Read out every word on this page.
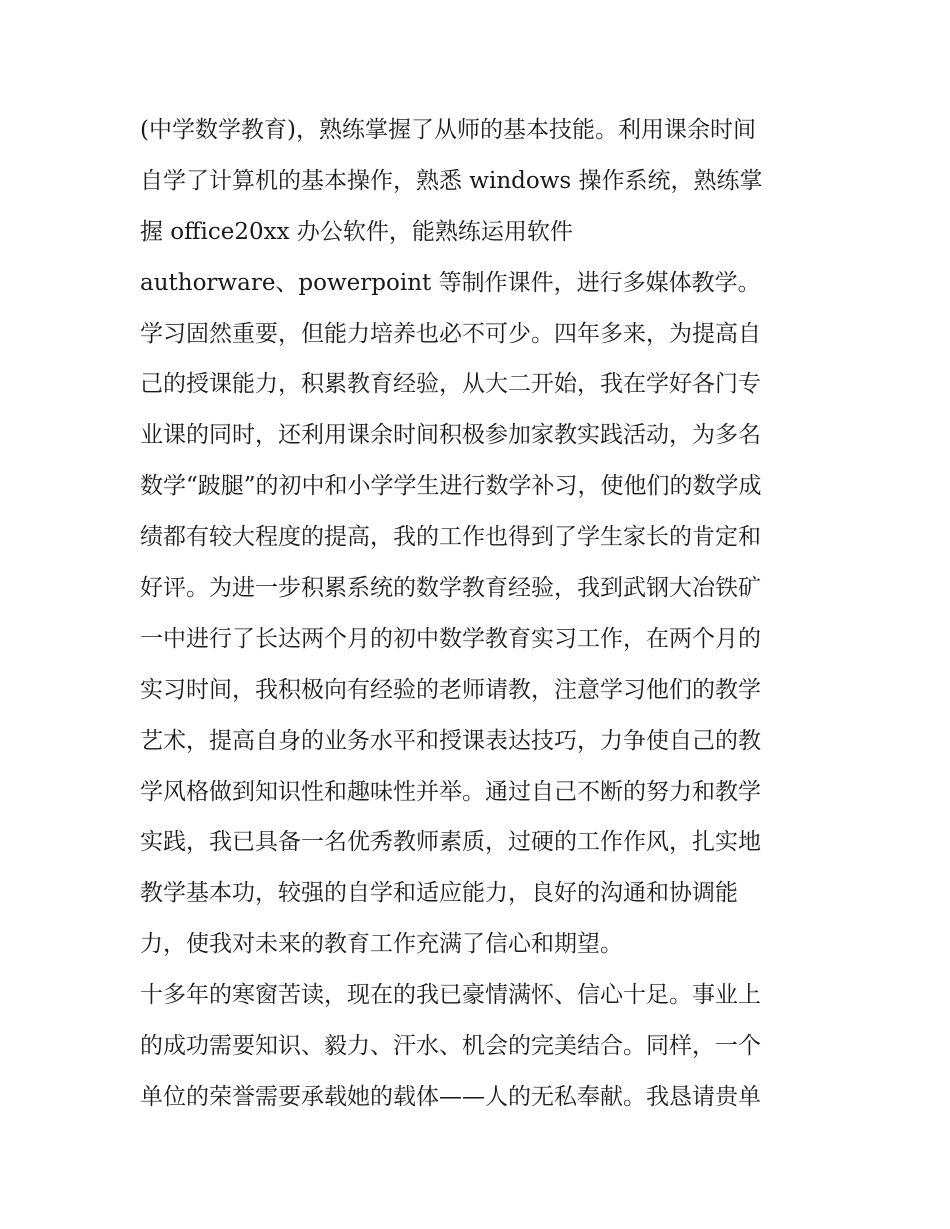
(中学数学教育)，熟练掌握了从师的基本技能。利用课余时间
自学了计算机的基本操作，熟悉 windows 操作系统，熟练掌
握 office20xx 办公软件，能熟练运用软件
authorware、powerpoint 等制作课件，进行多媒体教学。
学习固然重要，但能力培养也必不可少。四年多来，为提高自
己的授课能力，积累教育经验，从大二开始，我在学好各门专
业课的同时，还利用课余时间积极参加家教实践活动，为多名
数学“跛腿”的初中和小学学生进行数学补习，使他们的数学成
绩都有较大程度的提高，我的工作也得到了学生家长的肯定和
好评。为进一步积累系统的数学教育经验，我到武钢大冶铁矿
一中进行了长达两个月的初中数学教育实习工作，在两个月的
实习时间，我积极向有经验的老师请教，注意学习他们的教学
艺术，提高自身的业务水平和授课表达技巧，力争使自己的教
学风格做到知识性和趣味性并举。通过自己不断的努力和教学
实践，我已具备一名优秀教师素质，过硬的工作作风，扎实地
教学基本功，较强的自学和适应能力，良好的沟通和协调能
力，使我对未来的教育工作充满了信心和期望。
十多年的寒窗苦读，现在的我已豪情满怀、信心十足。事业上
的成功需要知识、毅力、汗水、机会的完美结合。同样，一个
单位的荣誉需要承载她的载体——人的无私奉献。我恳请贵单
